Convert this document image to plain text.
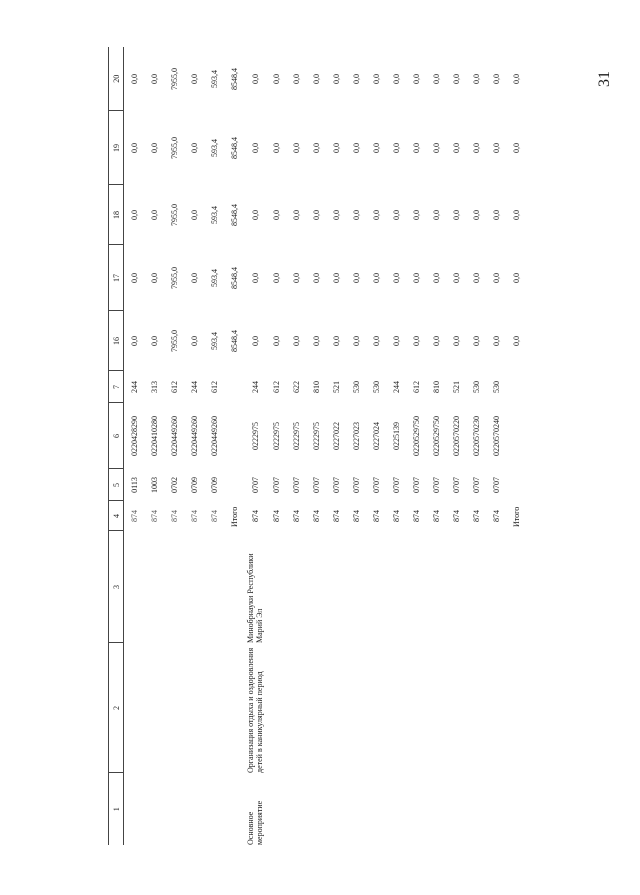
31
1	2	3	4	5	6	7	16	17	18	19	20
			874	0113	0220428290	244	0,0	0,0	0,0	0,0	0,0
			874	1003	0220410280	313	0,0	0,0	0,0	0,0	0,0
			874	0702	0220449260	612	7955,0	7955,0	7955,0	7955,0	7955,0
			874	0709	0220449260	244	0,0	0,0	0,0	0,0	0,0
			874	0709	0220449260	612	593,4	593,4	593,4	593,4	593,4
			Итого				8548,4	8548,4	8548,4	8548,4	8548,4
Основное мероприятие	Организация отдыха и оздоровления детей в каникулярный период	Минобрнауки Республики Марий Эл	874	0707	0222975	244	0,0	0,0	0,0	0,0	0,0
			874	0707	0222975	612	0,0	0,0	0,0	0,0	0,0
			874	0707	0222975	622	0,0	0,0	0,0	0,0	0,0
			874	0707	0222975	810	0,0	0,0	0,0	0,0	0,0
			874	0707	0227022	521	0,0	0,0	0,0	0,0	0,0
			874	0707	0227023	530	0,0	0,0	0,0	0,0	0,0
			874	0707	0227024	530	0,0	0,0	0,0	0,0	0,0
			874	0707	0225139	244	0,0	0,0	0,0	0,0	0,0
			874	0707	0220529750	612	0,0	0,0	0,0	0,0	0,0
			874	0707	0220529750	810	0,0	0,0	0,0	0,0	0,0
			874	0707	0220570220	521	0,0	0,0	0,0	0,0	0,0
			874	0707	0220570230	530	0,0	0,0	0,0	0,0	0,0
			874	0707	0220570240	530	0,0	0,0	0,0	0,0	0,0
			Итого				0,0	0,0	0,0	0,0	0,0
